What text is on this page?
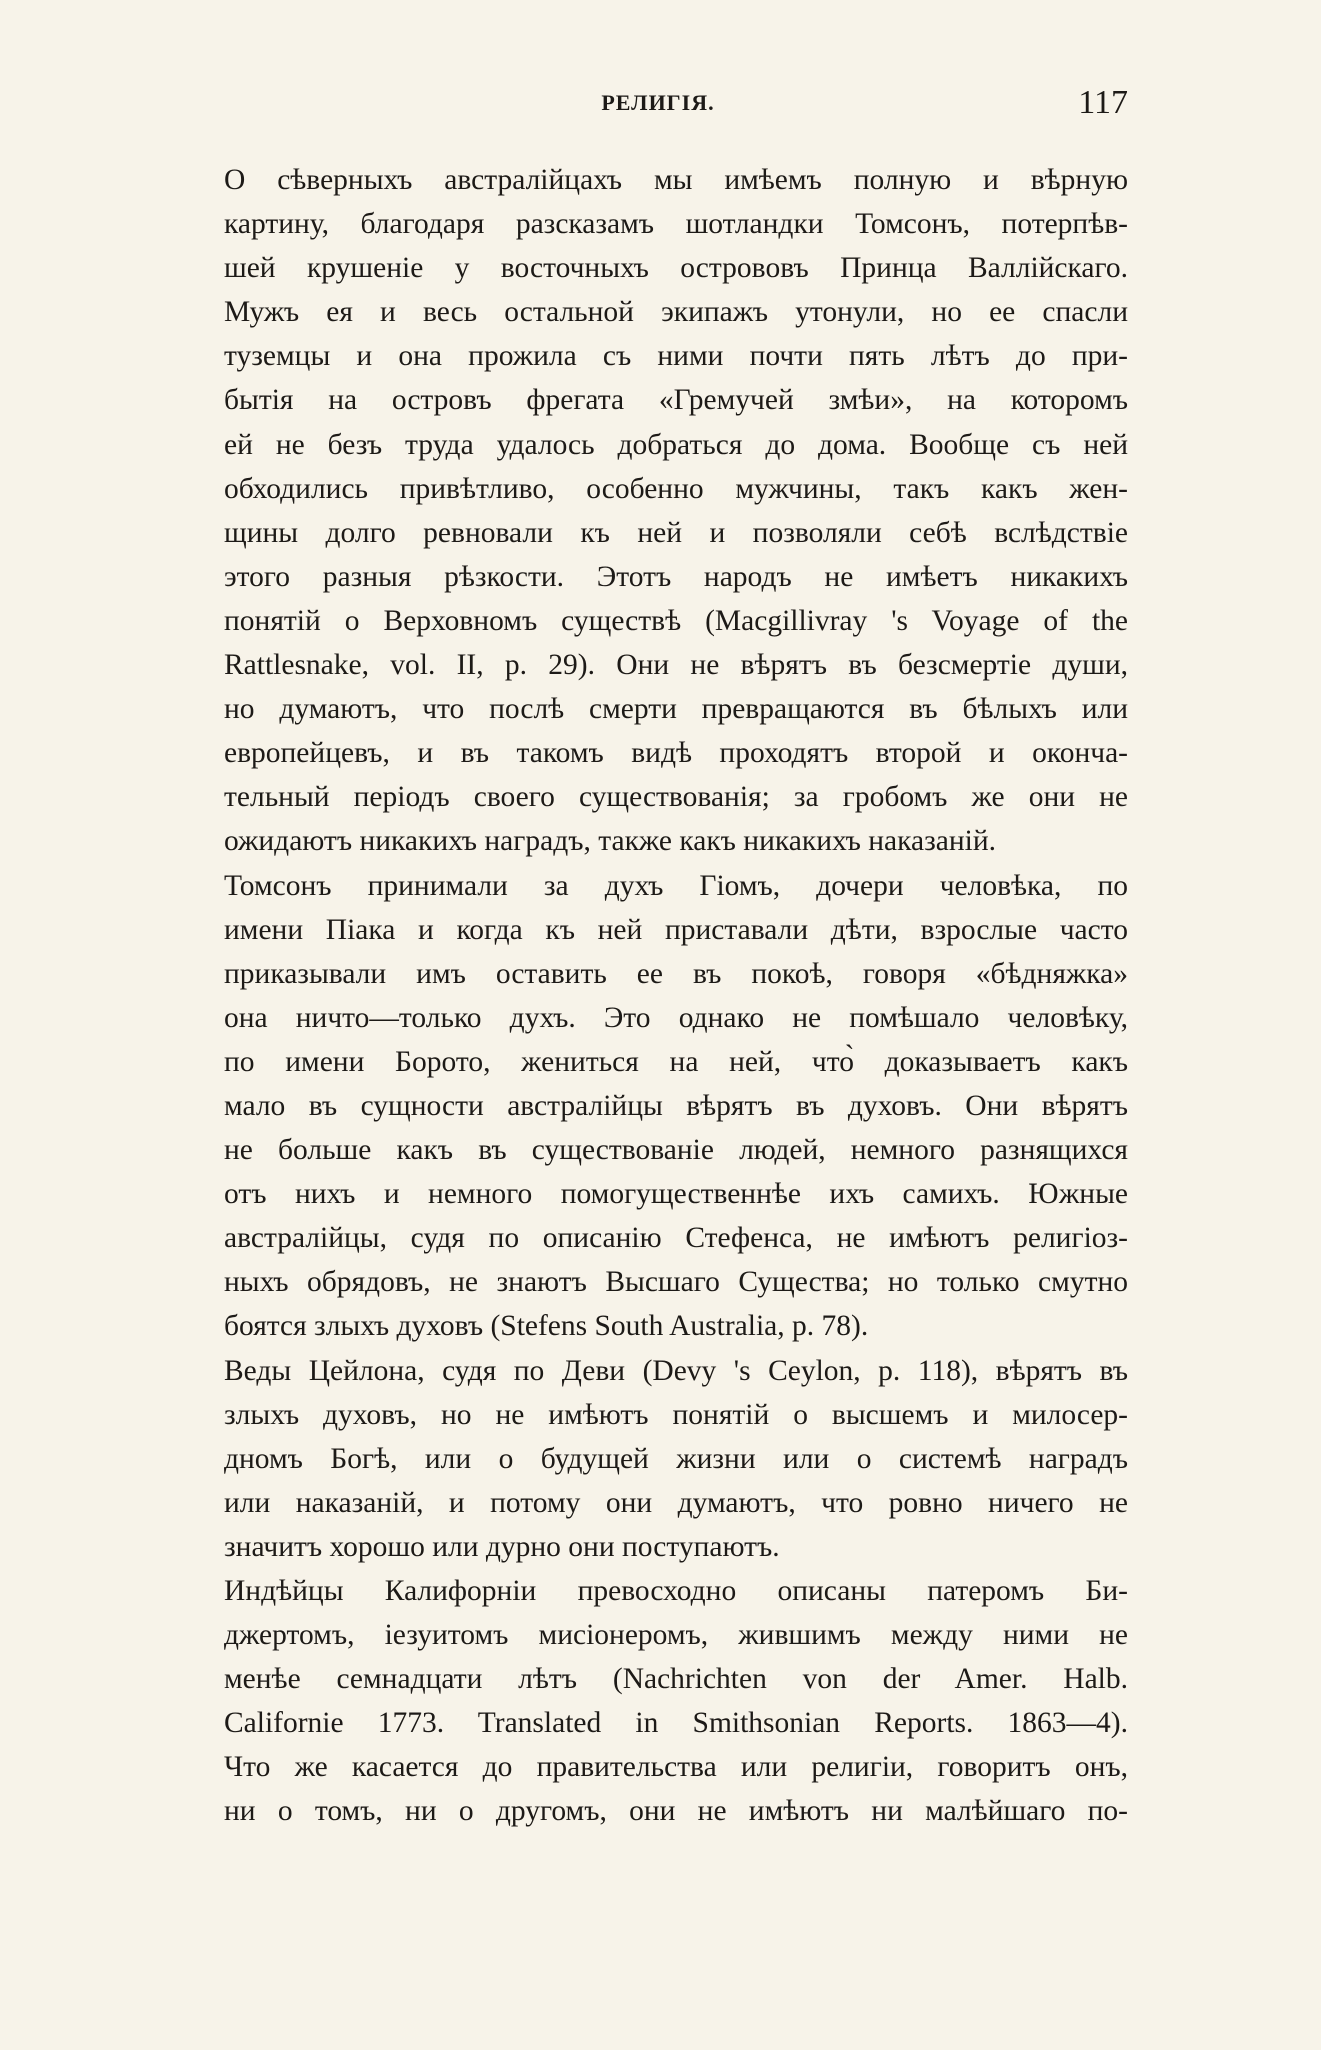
РЕЛИГІЯ.	117

О сѣверныхъ австралійцахъ мы имѣемъ полную и вѣрную
картину, благодаря разсказамъ шотландки Томсонъ, потерпѣв-
шей крушеніе у восточныхъ островoвъ Принца Валлійскаго.
Мужъ ея и весь остальной экипажъ утонули, но ее спасли
туземцы и она прожила съ ними почти пять лѣтъ до при-
бытія на островъ фрегата «Гремучей змѣи», на которомъ
ей не безъ труда удалось добраться до дома. Вообще съ ней
обходились привѣтливо, особенно мужчины, такъ какъ жен-
щины долго ревновали къ ней и позволяли себѣ вслѣдствіе
этого разныя рѣзкости. Этотъ народъ не имѣетъ никакихъ
понятій о Верховномъ существѣ (Macgillivray 's Voyage of the
Rattlesnake, vol. II, p. 29). Они не вѣрятъ въ безсмертіе души,
но думаютъ, что послѣ смерти превращаются въ бѣлыхъ или
европейцевъ, и въ такомъ видѣ проходятъ второй и оконча-
тельный періодъ своего существованія; за гробомъ же они не
ожидаютъ никакихъ наградъ, также какъ никакихъ наказаній.

Томсонъ принимали за духъ Гіомъ, дочери человѣка, по
имени Піака и когда къ ней приставали дѣти, взрослые часто
приказывали имъ оставить ее въ покоѣ, говоря «бѣдняжка»
она ничто—только духъ. Это однако не помѣшало человѣку,
по имени Борото, жениться на ней, что̀ доказываетъ какъ
мало въ сущности австралійцы вѣрятъ въ духовъ. Они вѣрятъ
не больше какъ въ существованіе людей, немного разнящихся
отъ нихъ и немного помогущественнѣе ихъ самихъ. Южные
австралійцы, судя по описанію Стефенса, не имѣютъ религіоз-
ныхъ обрядовъ, не знаютъ Высшаго Существа; но только смутно
боятся злыхъ духовъ (Stefens South Australia, p. 78).

Веды Цейлона, судя по Деви (Devy 's Ceylon, p. 118), вѣрятъ въ
злыхъ духовъ, но не имѣютъ понятій о высшемъ и милосер-
дномъ Богѣ, или о будущей жизни или о системѣ наградъ
или наказаній, и потому они думаютъ, что ровно ничего не
значитъ хорошо или дурно они поступаютъ.

Индѣйцы Калифорніи превосходно описаны патеромъ Би-
джертомъ, іезуитомъ мисіонеромъ, жившимъ между ними не
менѣе семнадцати лѣтъ (Nachrichten von der Amer. Halb.
Californie 1773. Translated in Smithsonian Reports. 1863—4).
Что же касается до правительства или религіи, говоритъ онъ,
ни о томъ, ни о другомъ, они не имѣютъ ни малѣйшаго по-
